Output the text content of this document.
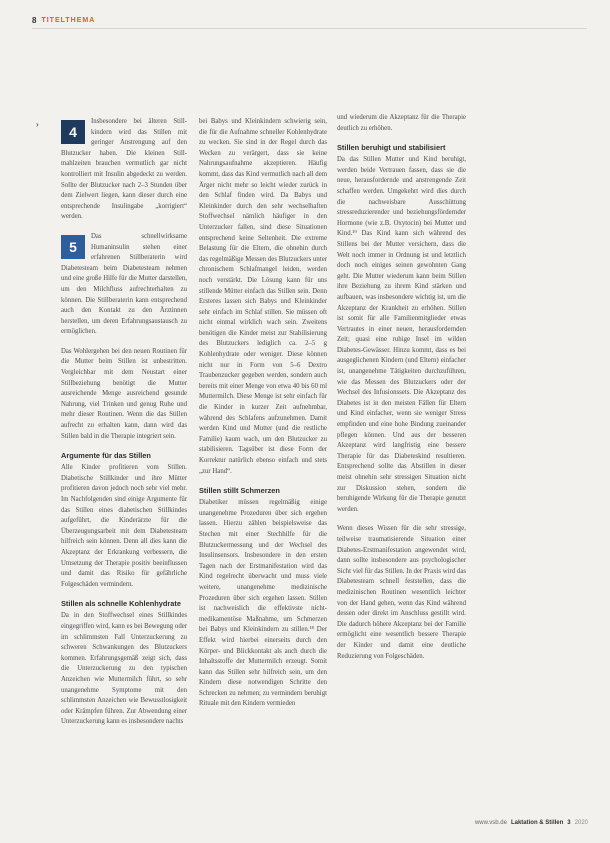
8 TITELTHEMA
›	4
Insbesondere bei älteren Still-kindern wird das Stillen mit geringer Anstrengung auf den Blutzucker haben. Die kleinen Still-mahlzeiten brauchen vermutlich gar nicht kontrolliert mit Insulin abgedeckt zu werden. Sollte der Blutzucker nach 2–3 Stunden über dem Zielwert liegen, kann dieser durch eine entsprechende Insulingabe „korrigiert“ werden.

5
Das schnellwirksame Humaninsulin stehen einer erfahrenen Stillberaterin wird Diabetesteam beim Diabetesteam nehmen und eine große Hilfe für die Mutter darstellen, um den Milchfluss aufrechterhalten zu können. Die Stillberaterin kann entsprechend auch den Kontakt zu den Ärztinnen herstellen, um deren Erfahrungsaustausch zu ermöglichen.

Das Wohlergehen bei den neuen Routinen für die Mutter beim Stillen ist unbestritten. Vergleichbar mit dem Neustart einer Stillbeziehung benötigt die Mutter ausreichende Menge ausreichend gesunde Nahrung, viel Trinken und genug Ruhe und mehr dieser Routinen. Wenn die das Stillen aufrecht zu erhalten kann, dann wird das Stillen bald in die Therapie integriert sein.

Argumente für das Stillen

Alle Kinder profitieren vom Stillen. Diabetische Stillkinder und ihre Mütter profitieren davon jedoch noch sehr viel mehr. Im Nachfolgenden sind einige Argumente für das Stillen eines diabetischen Stillkindes aufgeführt, die Kinderärzte für die Überzeugungsarbeit mit dem Diabetesteam hilfreich sein können. Denn all dies kann die Akzeptanz der Erkrankung verbessern, die Umsetzung der Therapie positiv beeinflussen und damit das Risiko für gefährliche Folgeschäden vermindern.

Stillen als schnelle Kohlenhydrate

Da in den Stoffwechsel eines Stillkindes eingegriffen wird, kann es bei Bewegung oder im schlimmsten Fall Unterzuckerung zu schweren Schwankungen des Blutzuckers kommen. Erfahrungsgemäß zeigt sich, dass die Unterzuckerung zu den typischen Anzeichen wie Muttermilch führt, so sehr unangenehme Symptome mit den schlimmsten Anzeichen wie Bewusstlosigkeit oder Krämpfen führen. Zur Abwendung einer Unterzuckerung kann es insbesondere nachts

bei Babys und Kleinkindern schwierig sein, die für die Aufnahme schneller Kohlenhydrate zu wecken. Sie sind in der Regel durch das Wecken zu verärgert, dass sie keine Nahrungsaufnahme akzeptieren. Häufig kommt, dass das Kind vermutlich nach all dem Ärger nicht mehr so leicht wieder zurück in den Schlaf finden wird. Da Babys und Kleinkinder durch den sehr wechselhaften Stoffwechsel nämlich häufiger in den Unterzucker fallen, sind diese Situationen entsprechend keine Seltenheit. Die extreme Belastung für die Eltern, die ohnehin durch das regelmäßige Messen des Blutzuckers unter chronischem Schlafmangel leiden, werden noch verstärkt. Die Lösung kann für uns stillende Mütter einfach das Stillen sein. Denn Ersteres lassen sich Babys und Kleinkinder sehr einfach im Schlaf stillen. Sie müssen oft nicht einmal wirklich wach sein. Zweitens benötigen die Kinder meist zur Stabilisierung des Blutzuckers lediglich ca. 2–5 g Kohlenhydrate oder weniger. Diese können nicht nur in Form von 5–6 Dextro Traubenzucker gegeben werden, sondern auch bereits mit einer Menge von etwa 40 bis 60 ml Muttermilch. Diese Menge ist sehr einfach für die Kinder in kurzer Zeit aufnehmbar, während des Schlafens aufzunehmen. Damit werden Kind und Mutter (und die restliche Familie) kaum wach, um den Blutzucker zu stabilisieren. Tagsüber ist diese Form der Korrektur natürlich ebenso einfach und stets „zur Hand“.

Stillen stillt Schmerzen

Diabetiker müssen regelmäßig einige unangenehme Prozeduren über sich ergehen lassen. Hierzu zählen beispielsweise das Stechen mit einer Stechhilfe für die Blutzuckermessung und der Wechsel des Insulinsensors. Insbesondere in den ersten Tagen nach der Erstmanifestation wird das Kind regelrecht überwacht und muss viele weitere, unangenehme medizinische Prozeduren über sich ergehen lassen. Stillen ist nachweislich die effektivste nicht-medikamentöse Maßnahme, um Schmerzen bei Babys und Kleinkindern zu stillen.¹⁸ Der Effekt wird hierbei einerseits durch den Körper- und Blickkontakt als auch durch die Inhaltsstoffe der Muttermilch erzeugt. Somit kann das Stillen sehr hilfreich sein, um den Kindern diese notwendigen Schritte den Schrecken zu nehmen; zu vermindern beruhigt Rituale mit den Kindern vermieden

und wiederum die Akzeptanz für die Therapie deutlich zu erhöhen.

Stillen beruhigt und stabilisiert

Da das Stillen Mutter und Kind beruhigt, werden beide Vertrauen fassen, dass sie die neue, herausfordernde und anstrengende Zeit schaffen werden. Umgekehrt wird dies durch die nachweisbare Ausschüttung stressreduzierender und beziehungsfördernder Hormone (wie z.B. Oxytocin) bei Mutter und Kind.¹⁹ Das Kind kann sich während des Stillens bei der Mutter versichern, dass die Welt noch immer in Ordnung ist und letztlich doch noch einiges seinen gewohnten Gang geht. Die Mutter wiederum kann beim Stillen ihre Beziehung zu ihrem Kind stärken und aufbauen, was insbesondere wichtig ist, um die Akzeptanz der Krankheit zu erhöhen. Stillen ist somit für alle Familienmitglieder etwas Vertrautes in einer neuen, herausfordernden Zeit; quasi eine ruhige Insel im wilden Diabetes-Gewässer. Hinzu kommt, dass es bei ausgeglichenen Kindern (und Eltern) einfacher ist, unangenehme Tätigkeiten durchzuführen, wie das Messen des Blutzuckers oder der Wechsel des Infusionssets. Die Akzeptanz des Diabetes ist in den meisten Fällen für Eltern und Kind einfacher, wenn sie weniger Stress empfinden und eine hohe Bindung zueinander pflegen können. Und aus der besseren Akzeptanz wird langfristig eine bessere Therapie für das Diabeteskind resultieren. Entsprechend sollte das Abstillen in dieser meist ohnehin sehr stressigen Situation nicht zur Diskussion stehen, sondern die beruhigende Wirkung für die Therapie genutzt werden.

Wenn dieses Wissen für die sehr stressige, teilweise traumatisierende Situation einer Diabetes-Erstmanifestation angewendet wird, dann sollte insbesondere aus psychologischer Sicht viel für das Stillen. In der Praxis wird das Diabetesteam schnell feststellen, dass die medizinischen Routinen wesentlich leichter von der Hand gehen, wenn das Kind während dessen oder direkt im Anschluss gestillt wird. Die dadurch höhere Akzeptanz bei der Familie ermöglicht eine wesentlich bessere Therapie der Kinder und damit eine deutliche Reduzierung von Folgeschäden.

www.vsb.de Laktation & Stillen 3 2020
